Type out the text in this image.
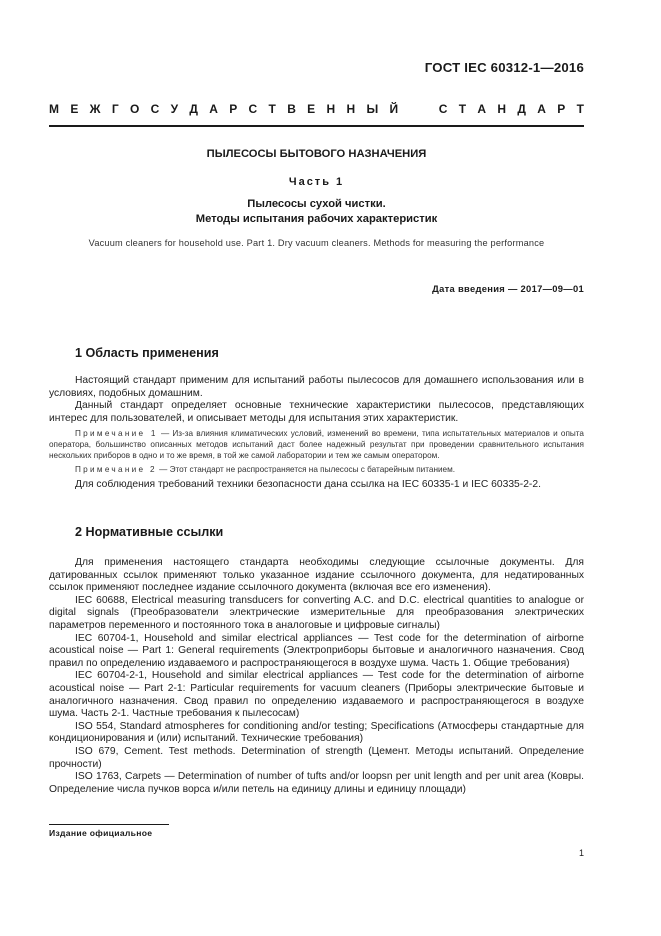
ГОСТ IEC 60312-1—2016
М Е Ж Г О С У Д А Р С Т В Е Н Н Ы Й
	С Т А Н Д А Р Т
ПЫЛЕСОСЫ БЫТОВОГО НАЗНАЧЕНИЯ
Часть 1
Пылесосы сухой чистки.
Методы испытания рабочих характеристик
Vacuum cleaners for household use. Part 1. Dry vacuum cleaners. Methods for measuring the performance
Дата введения — 2017—09—01
1 Область применения

Настоящий стандарт применим для испытаний работы пылесосов для домашнего использования или в условиях, подобных домашним.

Данный стандарт определяет основные технические характеристики пылесосов, представляющих интерес для пользователей, и описывает методы для испытания этих характеристик.

Примечание 1 — Из-за влияния климатических условий, изменений во времени, типа испытательных материалов и опыта оператора, большинство описанных методов испытаний даст более надежный результат при проведении сравнительного испытания нескольких приборов в одно и то же время, в той же самой лаборатории и тем же самым оператором.

Примечание 2 — Этот стандарт не распространяется на пылесосы с батарейным питанием.

Для соблюдения требований техники безопасности дана ссылка на IEC 60335-1 и IEC 60335-2-2.

2 Нормативные ссылки

Для применения настоящего стандарта необходимы следующие ссылочные документы. Для датированных ссылок применяют только указанное издание ссылочного документа, для недатированных ссылок применяют последнее издание ссылочного документа (включая все его изменения).

IEC 60688, Electrical measuring transducers for converting A.C. and D.C. electrical quantities to analogue or digital signals (Преобразователи электрические измерительные для преобразования электрических параметров переменного и постоянного тока в аналоговые и цифровые сигналы)

IEC 60704-1, Household and similar electrical appliances — Test code for the determination of airborne acoustical noise — Part 1: General requirements (Электроприборы бытовые и аналогичного назначения. Свод правил по определению издаваемого и распространяющегося в воздухе шума. Часть 1. Общие требования)

IEC 60704-2-1, Household and similar electrical appliances — Test code for the determination of airborne acoustical noise — Part 2-1: Particular requirements for vacuum cleaners (Приборы электрические бытовые и аналогичного назначения. Свод правил по определению издаваемого и распространяющегося в воздухе шума. Часть 2-1. Частные требования к пылесосам)

ISO 554, Standard atmospheres for conditioning and/or testing; Specifications (Атмосферы стандартные для кондиционирования и (или) испытаний. Технические требования)

ISO 679, Cement. Test methods. Determination of strength (Цемент. Методы испытаний. Определение прочности)

ISO 1763, Carpets — Determination of number of tufts and/or loopsn per unit length and per unit area (Ковры. Определение числа пучков ворса и/или петель на единицу длины и единицу площади)

Издание официальное
1
